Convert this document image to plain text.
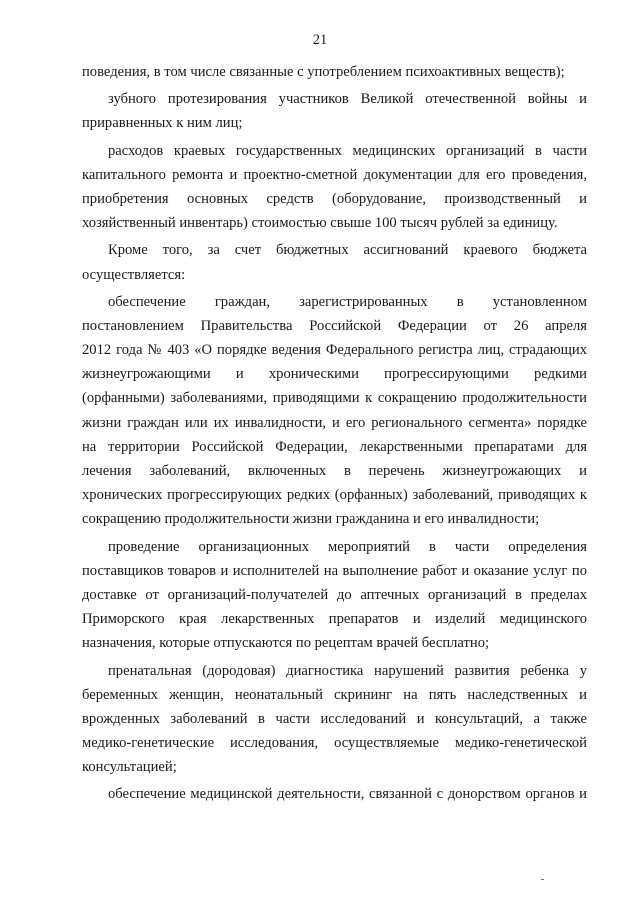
21
поведения, в том числе связанные с употреблением психоактивных веществ);
зубного протезирования участников Великой отечественной войны и
приравненных к ним лиц;
расходов краевых государственных медицинских организаций в части
капитального ремонта и проектно-сметной документации для его проведения,
приобретения основных средств (оборудование, производственный и
хозяйственный инвентарь) стоимостью свыше 100 тысяч рублей за единицу.
Кроме того, за счет бюджетных ассигнований краевого бюджета
осуществляется:
обеспечение граждан, зарегистрированных в установленном
постановлением Правительства Российской Федерации от 26 апреля
2012 года № 403 «О порядке ведения Федерального регистра лиц, страдающих
жизнеугрожающими и хроническими прогрессирующими редкими
(орфанными) заболеваниями, приводящими к сокращению продолжительности
жизни граждан или их инвалидности, и его регионального сегмента» порядке
на территории Российской Федерации, лекарственными препаратами для
лечения заболеваний, включенных в перечень жизнеугрожающих и
хронических прогрессирующих редких (орфанных) заболеваний, приводящих к
сокращению продолжительности жизни гражданина и его инвалидности;
проведение организационных мероприятий в части определения
поставщиков товаров и исполнителей на выполнение работ и оказание услуг по
доставке от организаций-получателей до аптечных организаций в пределах
Приморского края лекарственных препаратов и изделий медицинского
назначения, которые отпускаются по рецептам врачей бесплатно;
пренатальная (дородовая) диагностика нарушений развития ребенка у
беременных женщин, неонатальный скрининг на пять наследственных и
врожденных заболеваний в части исследований и консультаций, а также
медико-генетические исследования, осуществляемые медико-генетической
консультацией;
обеспечение медицинской деятельности, связанной с донорством органов и
